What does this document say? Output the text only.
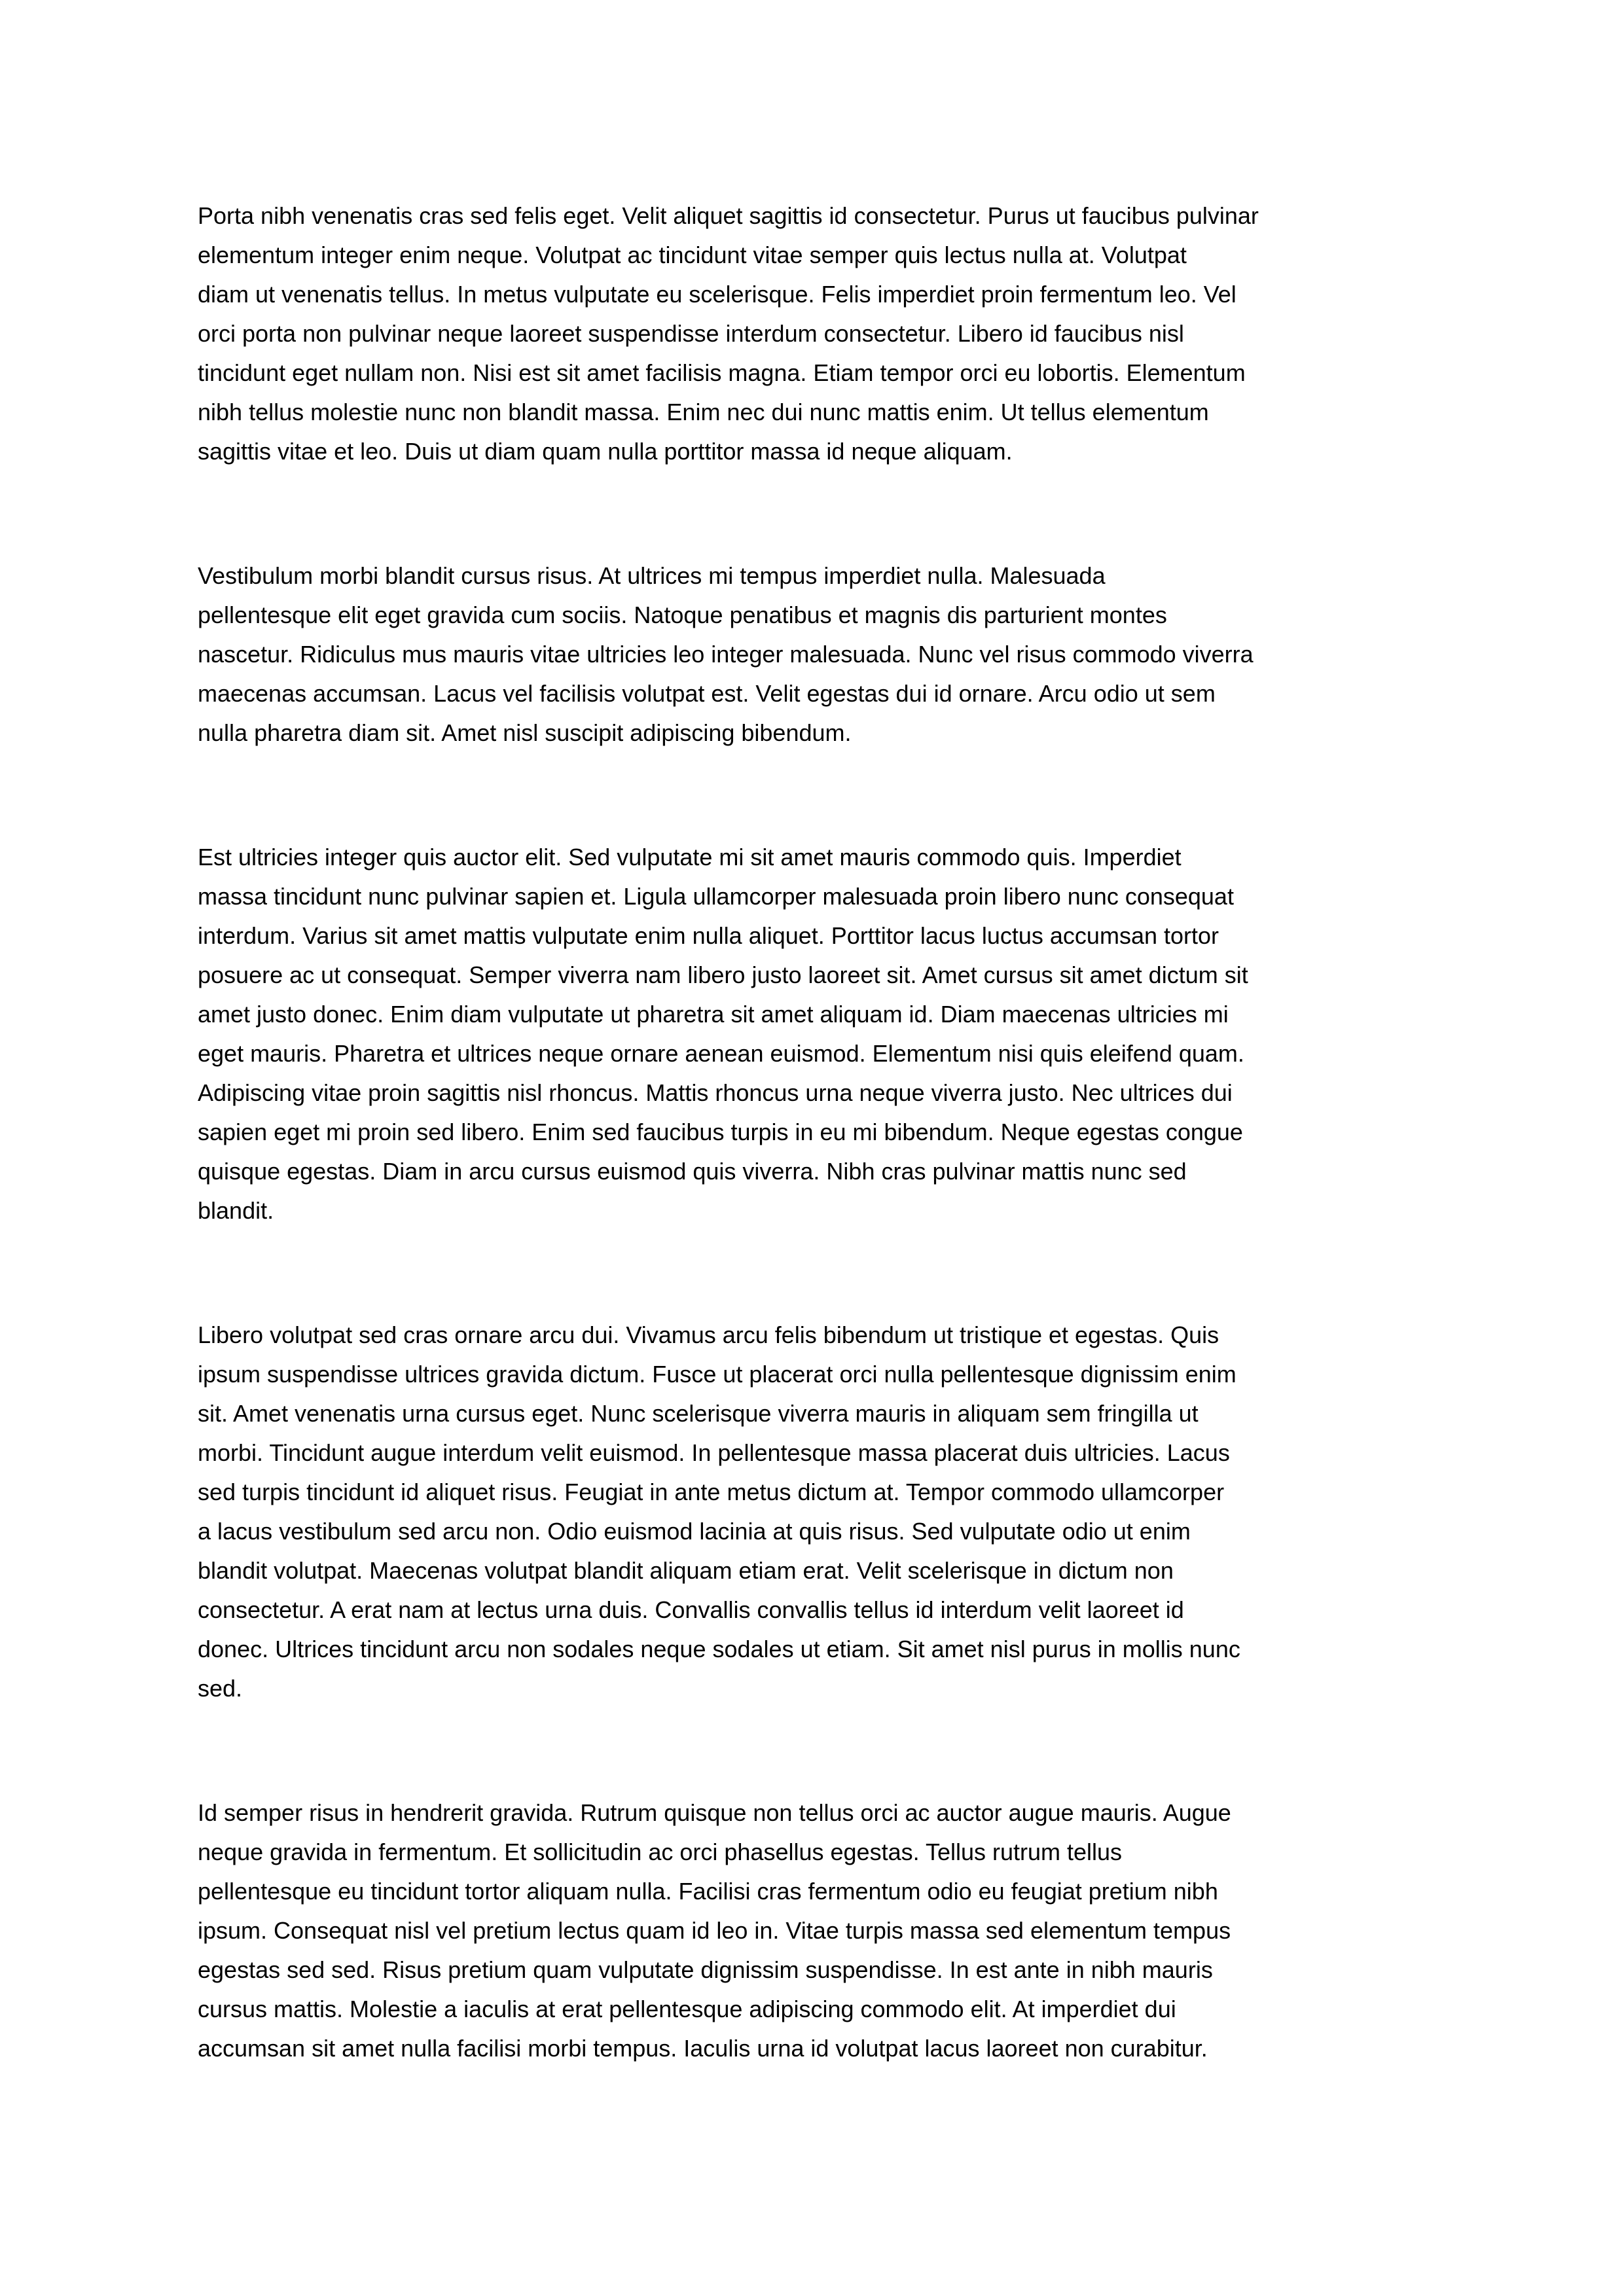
Porta nibh venenatis cras sed felis eget. Velit aliquet sagittis id consectetur. Purus ut faucibus pulvinar
elementum integer enim neque. Volutpat ac tincidunt vitae semper quis lectus nulla at. Volutpat
diam ut venenatis tellus. In metus vulputate eu scelerisque. Felis imperdiet proin fermentum leo. Vel
orci porta non pulvinar neque laoreet suspendisse interdum consectetur. Libero id faucibus nisl
tincidunt eget nullam non. Nisi est sit amet facilisis magna. Etiam tempor orci eu lobortis. Elementum
nibh tellus molestie nunc non blandit massa. Enim nec dui nunc mattis enim. Ut tellus elementum
sagittis vitae et leo. Duis ut diam quam nulla porttitor massa id neque aliquam.

Vestibulum morbi blandit cursus risus. At ultrices mi tempus imperdiet nulla. Malesuada
pellentesque elit eget gravida cum sociis. Natoque penatibus et magnis dis parturient montes
nascetur. Ridiculus mus mauris vitae ultricies leo integer malesuada. Nunc vel risus commodo viverra
maecenas accumsan. Lacus vel facilisis volutpat est. Velit egestas dui id ornare. Arcu odio ut sem
nulla pharetra diam sit. Amet nisl suscipit adipiscing bibendum.

Est ultricies integer quis auctor elit. Sed vulputate mi sit amet mauris commodo quis. Imperdiet
massa tincidunt nunc pulvinar sapien et. Ligula ullamcorper malesuada proin libero nunc consequat
interdum. Varius sit amet mattis vulputate enim nulla aliquet. Porttitor lacus luctus accumsan tortor
posuere ac ut consequat. Semper viverra nam libero justo laoreet sit. Amet cursus sit amet dictum sit
amet justo donec. Enim diam vulputate ut pharetra sit amet aliquam id. Diam maecenas ultricies mi
eget mauris. Pharetra et ultrices neque ornare aenean euismod. Elementum nisi quis eleifend quam.
Adipiscing vitae proin sagittis nisl rhoncus. Mattis rhoncus urna neque viverra justo. Nec ultrices dui
sapien eget mi proin sed libero. Enim sed faucibus turpis in eu mi bibendum. Neque egestas congue
quisque egestas. Diam in arcu cursus euismod quis viverra. Nibh cras pulvinar mattis nunc sed
blandit.

Libero volutpat sed cras ornare arcu dui. Vivamus arcu felis bibendum ut tristique et egestas. Quis
ipsum suspendisse ultrices gravida dictum. Fusce ut placerat orci nulla pellentesque dignissim enim
sit. Amet venenatis urna cursus eget. Nunc scelerisque viverra mauris in aliquam sem fringilla ut
morbi. Tincidunt augue interdum velit euismod. In pellentesque massa placerat duis ultricies. Lacus
sed turpis tincidunt id aliquet risus. Feugiat in ante metus dictum at. Tempor commodo ullamcorper
a lacus vestibulum sed arcu non. Odio euismod lacinia at quis risus. Sed vulputate odio ut enim
blandit volutpat. Maecenas volutpat blandit aliquam etiam erat. Velit scelerisque in dictum non
consectetur. A erat nam at lectus urna duis. Convallis convallis tellus id interdum velit laoreet id
donec. Ultrices tincidunt arcu non sodales neque sodales ut etiam. Sit amet nisl purus in mollis nunc
sed.

Id semper risus in hendrerit gravida. Rutrum quisque non tellus orci ac auctor augue mauris. Augue
neque gravida in fermentum. Et sollicitudin ac orci phasellus egestas. Tellus rutrum tellus
pellentesque eu tincidunt tortor aliquam nulla. Facilisi cras fermentum odio eu feugiat pretium nibh
ipsum. Consequat nisl vel pretium lectus quam id leo in. Vitae turpis massa sed elementum tempus
egestas sed sed. Risus pretium quam vulputate dignissim suspendisse. In est ante in nibh mauris
cursus mattis. Molestie a iaculis at erat pellentesque adipiscing commodo elit. At imperdiet dui
accumsan sit amet nulla facilisi morbi tempus. Iaculis urna id volutpat lacus laoreet non curabitur.
